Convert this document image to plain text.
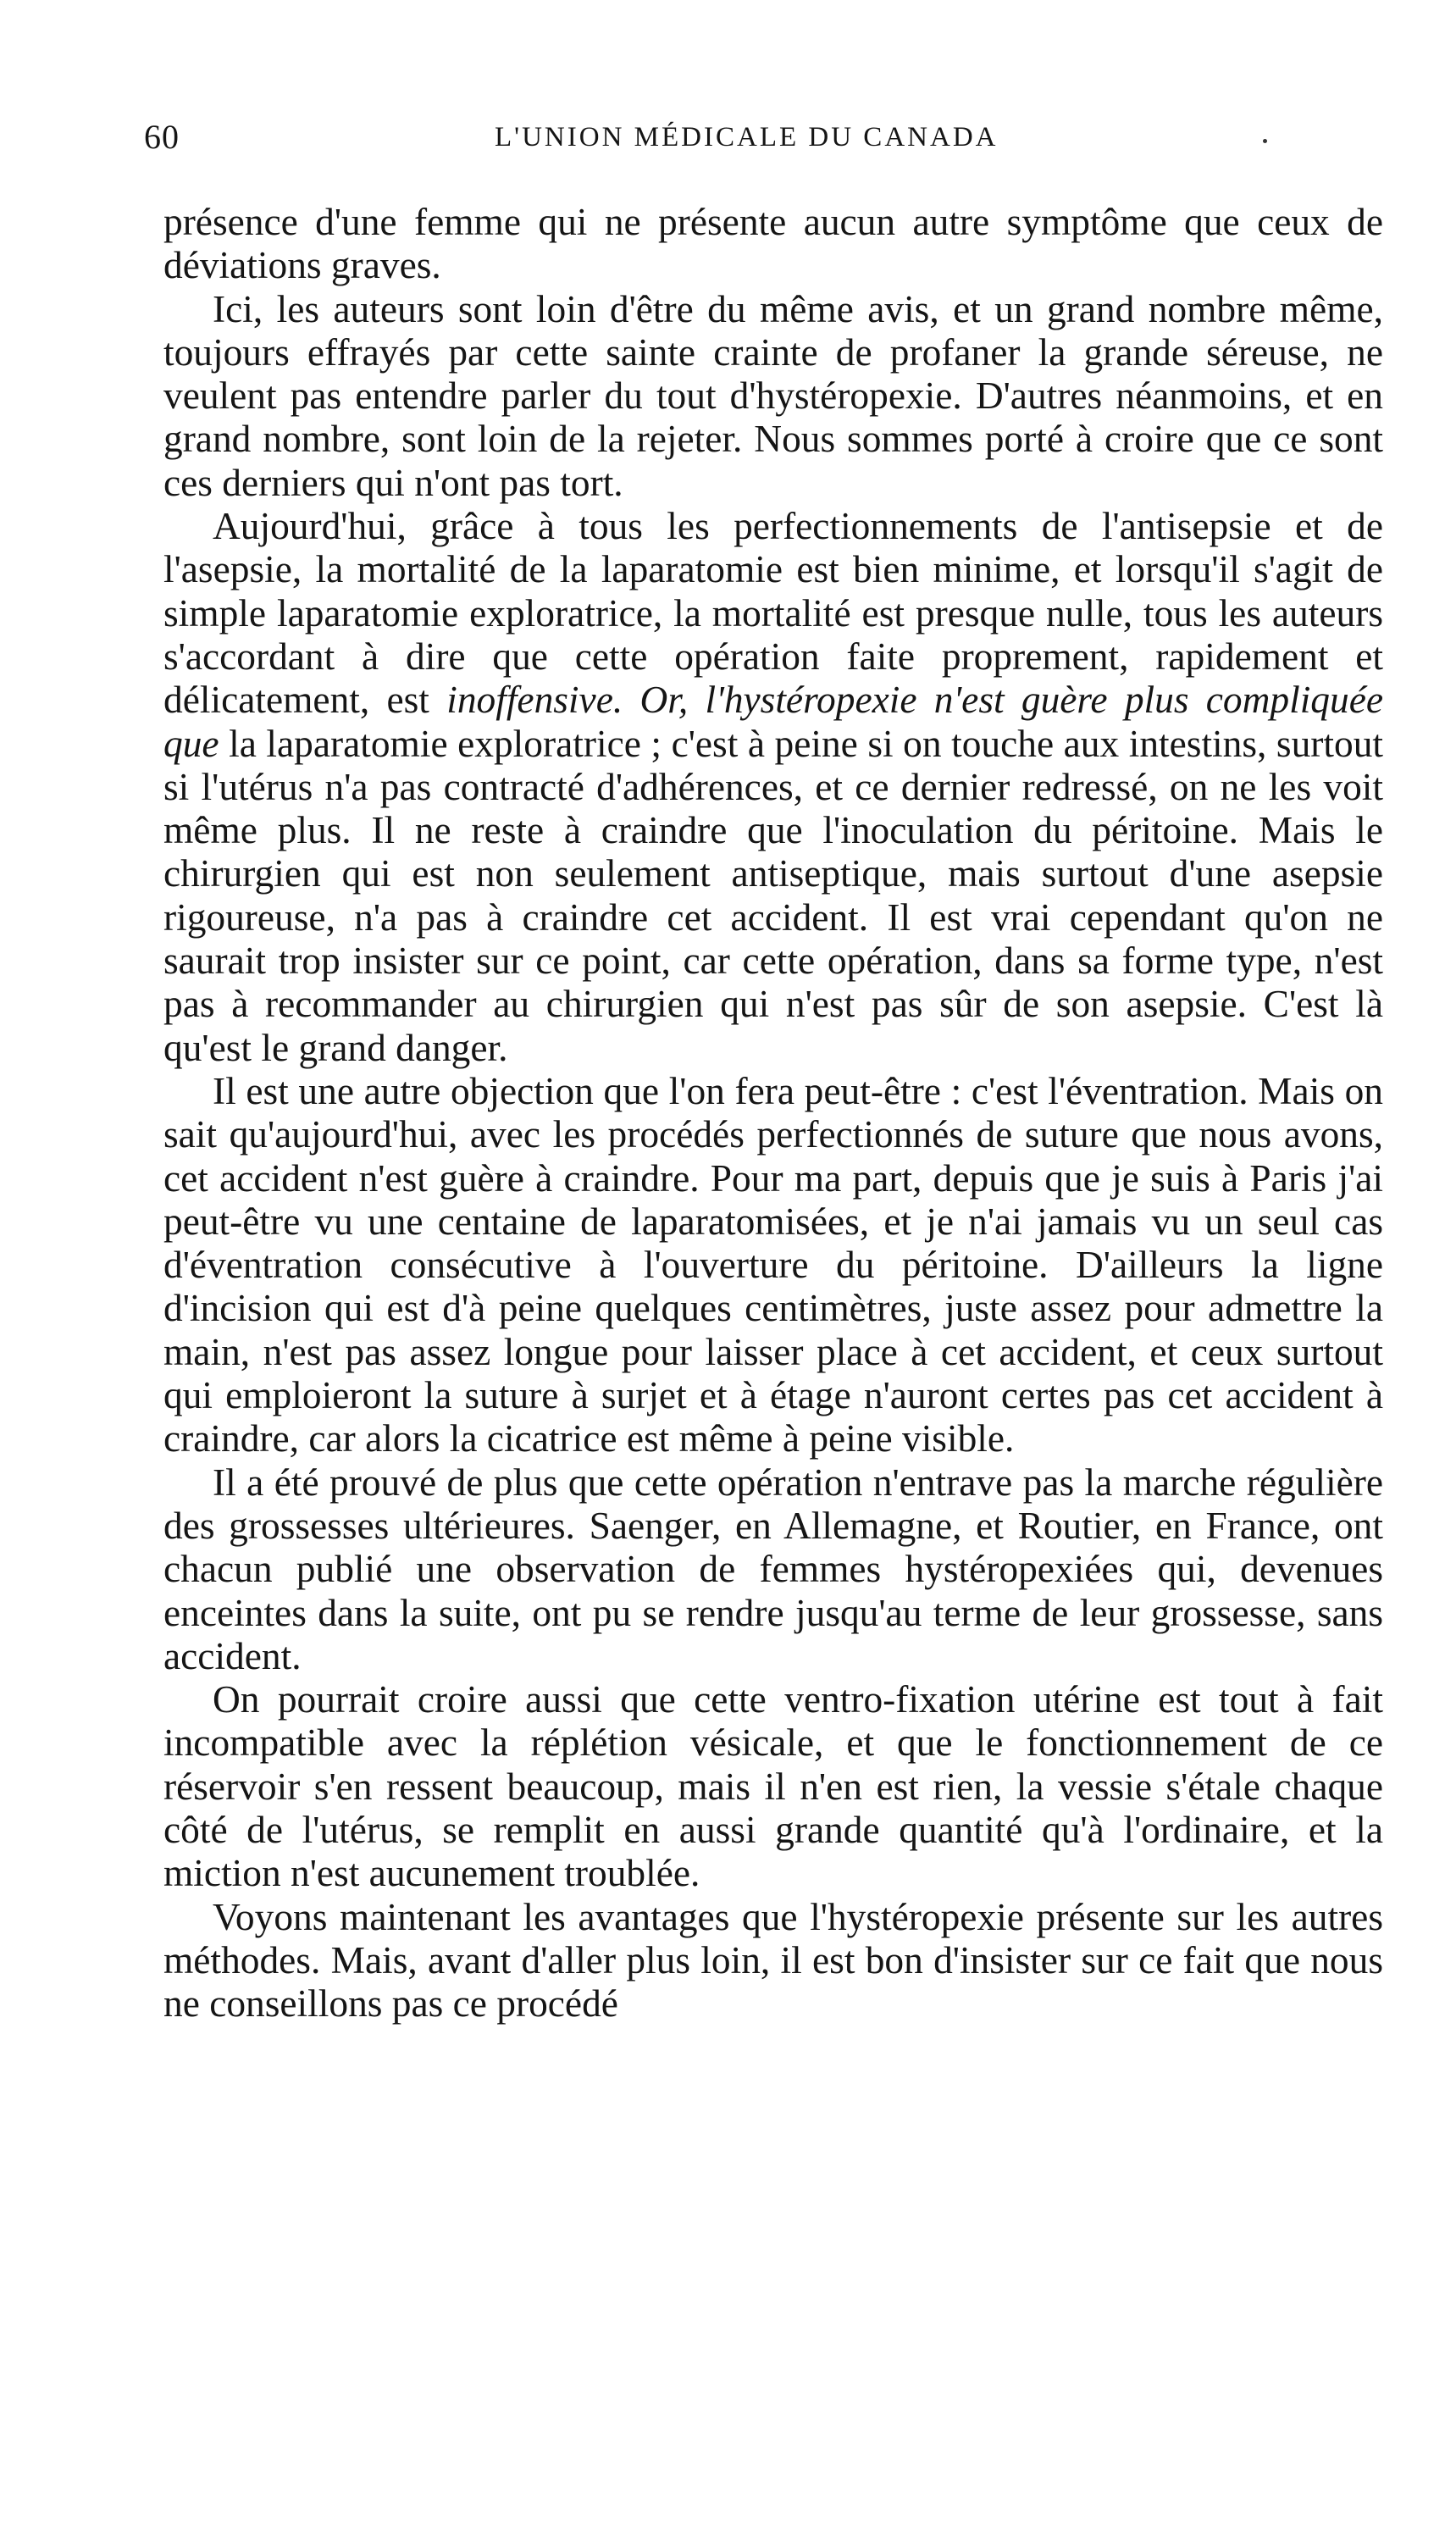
60	L'UNION MÉDICALE DU CANADA

présence d'une femme qui ne présente aucun autre symptôme que ceux de déviations graves.

Ici, les auteurs sont loin d'être du même avis, et un grand nombre même, toujours effrayés par cette sainte crainte de profaner la grande séreuse, ne veulent pas entendre parler du tout d'hystéropexie. D'autres néanmoins, et en grand nombre, sont loin de la rejeter. Nous sommes porté à croire que ce sont ces derniers qui n'ont pas tort.

Aujourd'hui, grâce à tous les perfectionnements de l'antisepsie et de l'asepsie, la mortalité de la laparatomie est bien minime, et lorsqu'il s'agit de simple laparatomie exploratrice, la mortalité est presque nulle, tous les auteurs s'accordant à dire que cette opération faite proprement, rapidement et délicatement, est inoffensive. Or, l'hystéropexie n'est guère plus compliquée que la laparatomie exploratrice ; c'est à peine si on touche aux intestins, surtout si l'utérus n'a pas contracté d'adhérences, et ce dernier redressé, on ne les voit même plus. Il ne reste à craindre que l'inoculation du péritoine. Mais le chirurgien qui est non seulement antiseptique, mais surtout d'une asepsie rigoureuse, n'a pas à craindre cet accident. Il est vrai cependant qu'on ne saurait trop insister sur ce point, car cette opération, dans sa forme type, n'est pas à recommander au chirurgien qui n'est pas sûr de son asepsie. C'est là qu'est le grand danger.

Il est une autre objection que l'on fera peut-être : c'est l'éventration. Mais on sait qu'aujourd'hui, avec les procédés perfectionnés de suture que nous avons, cet accident n'est guère à craindre. Pour ma part, depuis que je suis à Paris j'ai peut-être vu une centaine de laparatomisées, et je n'ai jamais vu un seul cas d'éventration consécutive à l'ouverture du péritoine. D'ailleurs la ligne d'incision qui est d'à peine quelques centimètres, juste assez pour admettre la main, n'est pas assez longue pour laisser place à cet accident, et ceux surtout qui emploieront la suture à surjet et à étage n'auront certes pas cet accident à craindre, car alors la cicatrice est même à peine visible.

Il a été prouvé de plus que cette opération n'entrave pas la marche régulière des grossesses ultérieures. Saenger, en Allemagne, et Routier, en France, ont chacun publié une observation de femmes hystéropexiées qui, devenues enceintes dans la suite, ont pu se rendre jusqu'au terme de leur grossesse, sans accident.

On pourrait croire aussi que cette ventro-fixation utérine est tout à fait incompatible avec la réplétion vésicale, et que le fonctionnement de ce réservoir s'en ressent beaucoup, mais il n'en est rien, la vessie s'étale chaque côté de l'utérus, se remplit en aussi grande quantité qu'à l'ordinaire, et la miction n'est aucunement troublée.

Voyons maintenant les avantages que l'hystéropexie présente sur les autres méthodes. Mais, avant d'aller plus loin, il est bon d'insister sur ce fait que nous ne conseillons pas ce procédé
